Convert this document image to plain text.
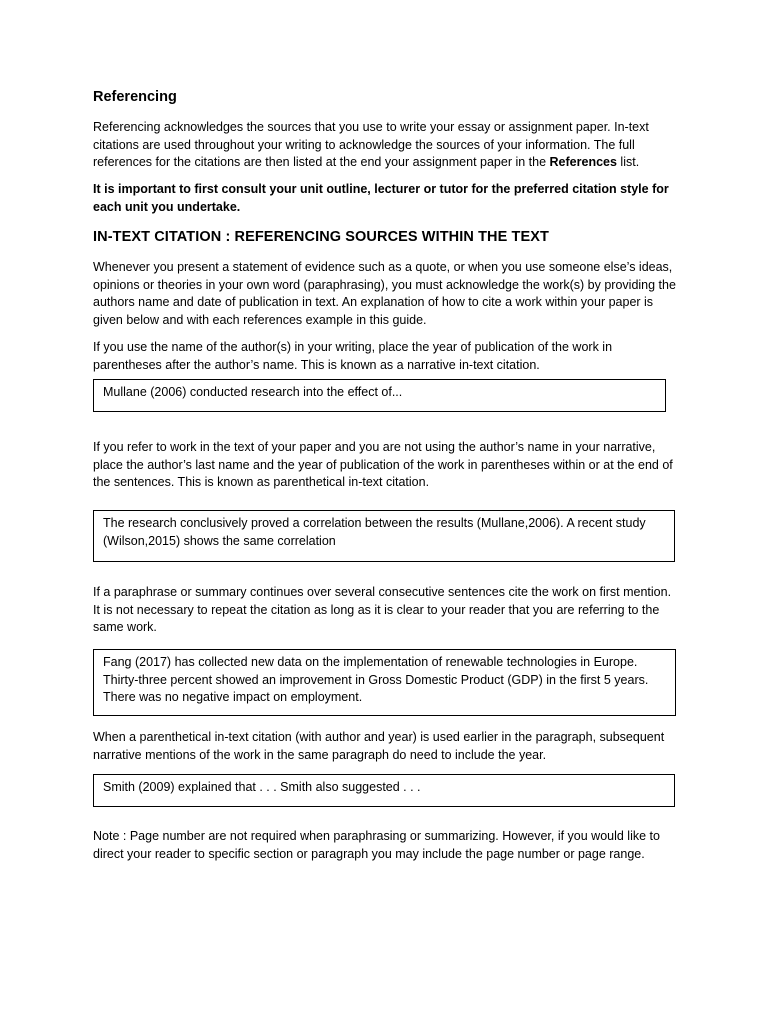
Referencing

Referencing acknowledges the sources that you use to write your essay or assignment paper. In-text citations are used throughout your writing to acknowledge the sources of your information. The full references for the citations are then listed at the end your assignment paper in the References list.

It is important to first consult your unit outline, lecturer or tutor for the preferred citation style for each unit you undertake.

IN-TEXT CITATION : REFERENCING SOURCES WITHIN THE TEXT

Whenever you present a statement of evidence such as a quote, or when you use someone else’s ideas, opinions or theories in your own word (paraphrasing), you must acknowledge the work(s) by providing the authors name and date of publication in text. An explanation of how to cite a work within your paper is given below and with each references example in this guide.

If you use the name of the author(s) in your writing, place the year of publication of the work in parentheses after the author’s name. This is known as a narrative in-text citation.

Mullane (2006) conducted research into the effect of...

If you refer to work in the text of your paper and you are not using the author’s name in your narrative, place the author’s last name and the year of publication of the work in parentheses within or at the end of the sentences. This is known as parenthetical in-text citation.

The research conclusively proved a correlation between the results (Mullane,2006). A recent study (Wilson,2015) shows the same correlation

If a paraphrase or summary continues over several consecutive sentences cite the work on first mention. It is not necessary to repeat the citation as long as it is clear to your reader that you are referring to the same work.

Fang (2017) has collected new data on the implementation of renewable technologies in Europe. Thirty-three percent showed an improvement in Gross Domestic Product (GDP) in the first 5 years. There was no negative impact on employment.

When a parenthetical in-text citation (with author and year) is used earlier in the paragraph, subsequent narrative mentions of the work in the same paragraph do need to include the year.

Smith (2009) explained that . . . Smith also suggested . . .

Note : Page number are not required when paraphrasing or summarizing. However, if you would like to direct your reader to specific section or paragraph you may include the page number or page range.
